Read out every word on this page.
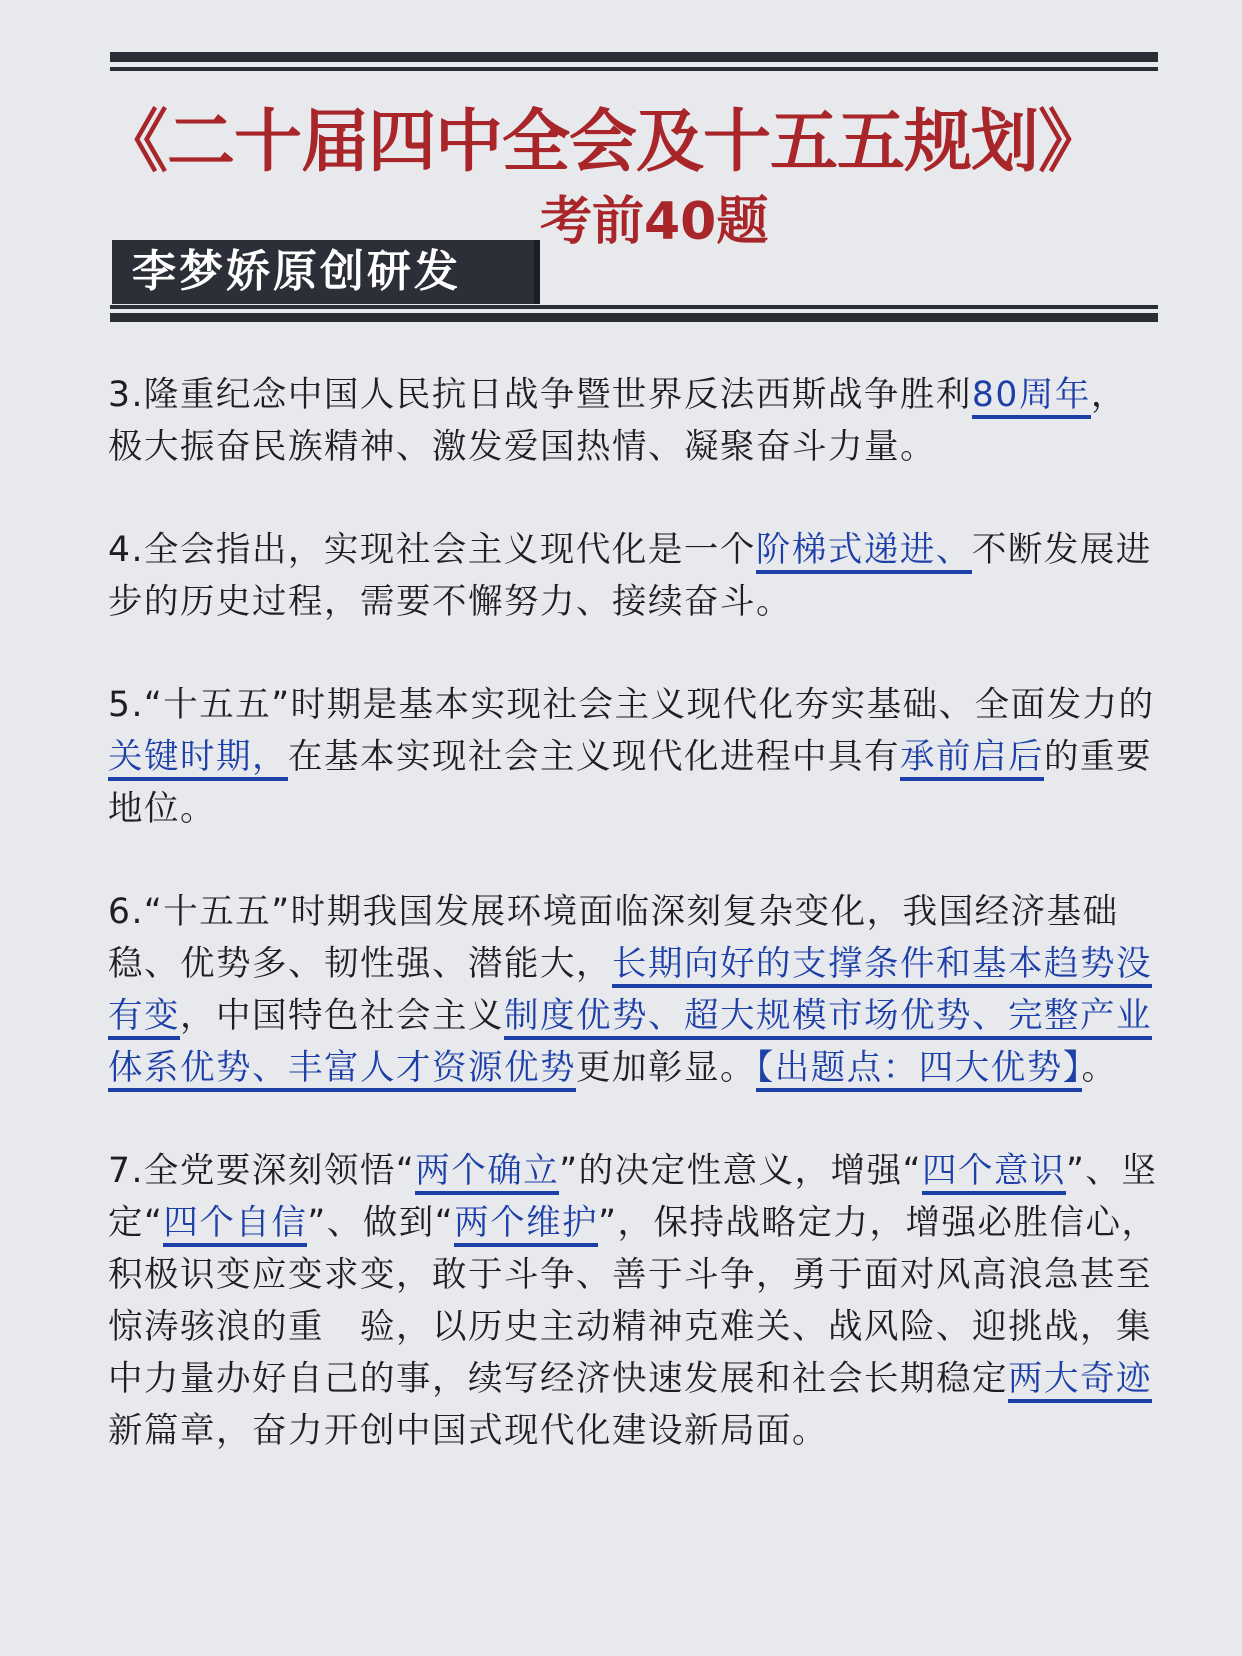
《二十届四中全会及十五五规划》
考前40题
李梦娇原创研发

3.隆重纪念中国人民抗日战争暨世界反法西斯战争胜利80周年，极大振奋民族精神、激发爱国热情、凝聚奋斗力量。

4.全会指出，实现社会主义现代化是一个阶梯式递进、不断发展进步的历史过程，需要不懈努力、接续奋斗。

5.“十五五”时期是基本实现社会主义现代化夯实基础、全面发力的关键时期，在基本实现社会主义现代化进程中具有承前启后的重要地位。

6.“十五五”时期我国发展环境面临深刻复杂变化，我国经济基础稳、优势多、韧性强、潜能大，长期向好的支撑条件和基本趋势没有变，中国特色社会主义制度优势、超大规模市场优势、完整产业体系优势、丰富人才资源优势更加彰显。【出题点：四大优势】。

7.全党要深刻领悟“两个确立”的决定性意义，增强“四个意识”、坚定“四个自信”、做到“两个维护”，保持战略定力，增强必胜信心，积极识变应变求变，敢于斗争、善于斗争，勇于面对风高浪急甚至惊涛骇浪的重　 验，以历史主动精神克难关、战风险、迎挑战，集中力量办好自己的事，续写经济快速发展和社会长期稳定两大奇迹新篇章，奋力开创中国式现代化建设新局面。
